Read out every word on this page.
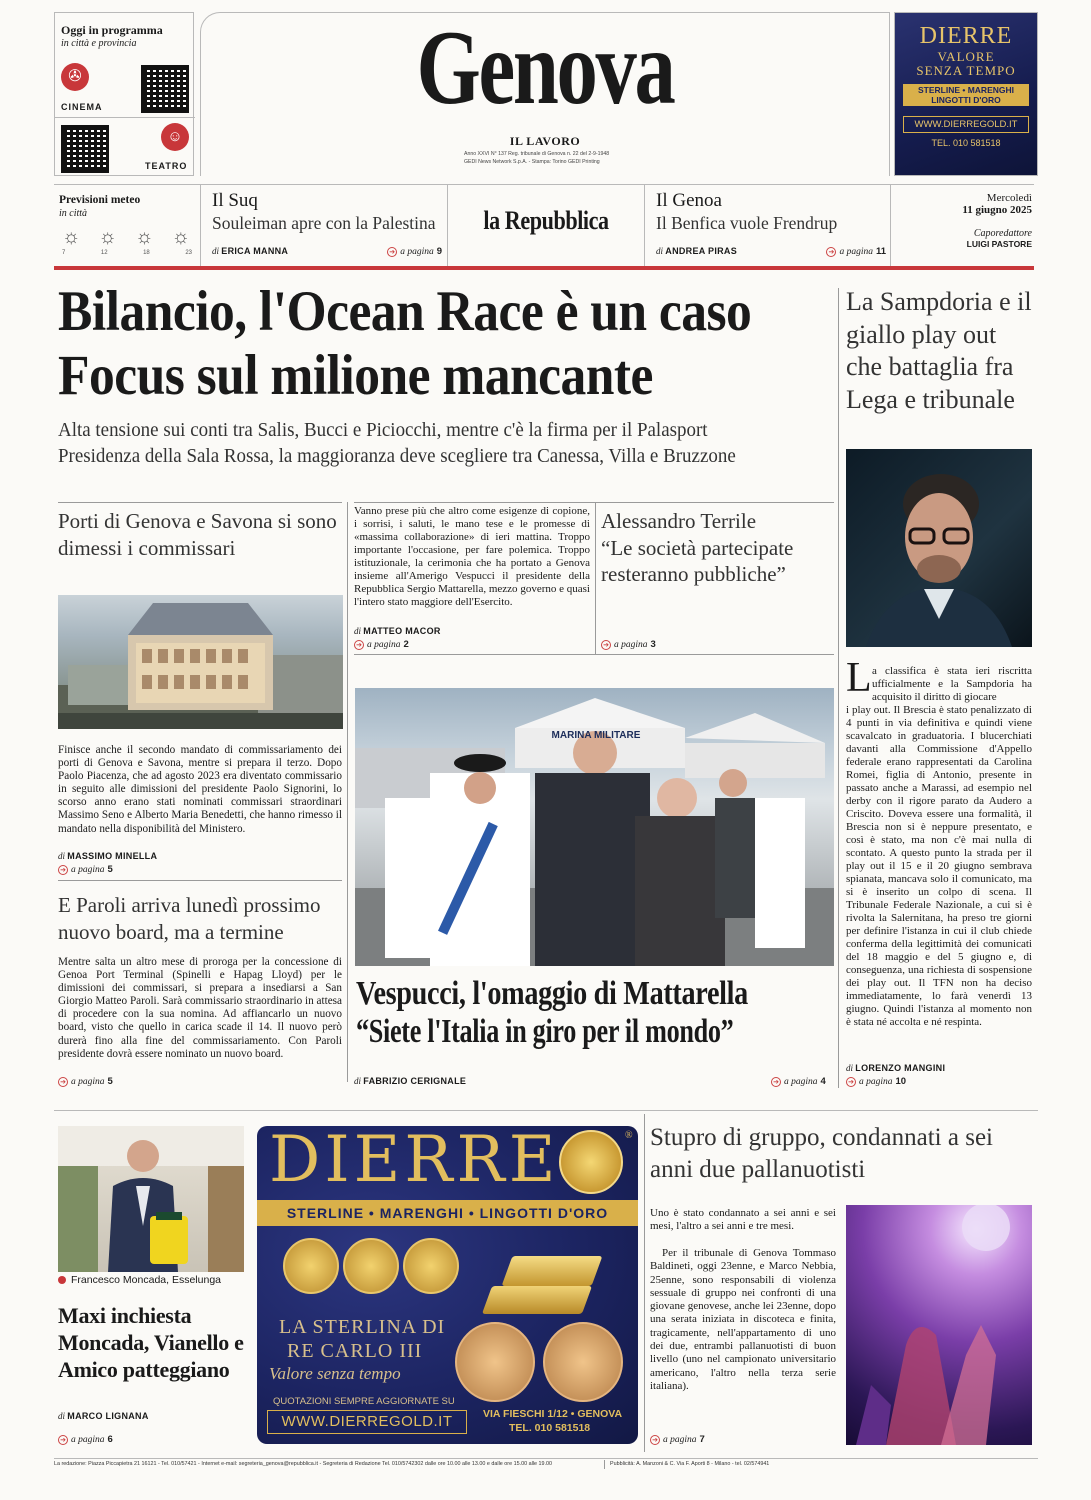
Oggi in programma
in città e provincia
✇
CINEMA
☺
TEATRO
Genova
IL LAVORO
Anno XXVI N° 137 Reg. tribunale di Genova n. 22 del 2-9-1948
GEDI News Network S.p.A. - Stampa: Torino GEDI Printing
DIERRE
VALORE
SENZA TEMPO
STERLINE • MARENGHI
LINGOTTI D'ORO
WWW.DIERREGOLD.IT
TEL. 010 581518
Previsioni meteo
in città
☼ ☼ ☼ ☼
7	12	18	23
Il Suq
Souleiman apre con la Palestina
di ERICA MANNA	➔ a pagina 9
la Repubblica
Il Genoa
Il Benfica vuole Frendrup
di ANDREA PIRAS	➔ a pagina 11
Mercoledì
11 giugno 2025
Caporedattore
LUIGI PASTORE
Bilancio, l'Ocean Race è un caso
Focus sul milione mancante
Alta tensione sui conti tra Salis, Bucci e Piciocchi, mentre c'è la firma per il Palasport
Presidenza della Sala Rossa, la maggioranza deve scegliere tra Canessa, Villa e Bruzzone
Porti di Genova e Savona si sono dimessi i commissari
Finisce anche il secondo mandato di commissariamento dei porti di Genova e Savona, mentre si prepara il terzo. Dopo Paolo Piacenza, che ad agosto 2023 era diventato commissario in seguito alle dimissioni del presidente Paolo Signorini, lo scorso anno erano stati nominati commissari straordinari Massimo Seno e Alberto Maria Benedetti, che hanno rimesso il mandato nella disponibilità del Ministero.
di MASSIMO MINELLA
➔ a pagina 5
E Paroli arriva lunedì prossimo nuovo board, ma a termine
Mentre salta un altro mese di proroga per la concessione di Genoa Port Terminal (Spinelli e Hapag Lloyd) per le dimissioni dei commissari, si prepara a insediarsi a San Giorgio Matteo Paroli. Sarà commissario straordinario in attesa di procedere con la sua nomina. Ad affiancarlo un nuovo board, visto che quello in carica scade il 14. Il nuovo però durerà fino alla fine del commissariamento. Con Paroli presidente dovrà essere nominato un nuovo board.
➔ a pagina 5
Vanno prese più che altro come esigenze di copione, i sorrisi, i saluti, le mano tese e le promesse di «massima collaborazione» di ieri mattina. Troppo importante l'occasione, per fare polemica. Troppo istituzionale, la cerimonia che ha portato a Genova insieme all'Amerigo Vespucci il presidente della Repubblica Sergio Mattarella, mezzo governo e quasi l'intero stato maggiore dell'Esercito.
di MATTEO MACOR
➔ a pagina 2
Alessandro Terrile
“Le società partecipate resteranno pubbliche”
➔ a pagina 3
MARINA MILITARE
Vespucci, l'omaggio di Mattarella
“Siete l'Italia in giro per il mondo”
di FABRIZIO CERIGNALE	➔ a pagina 4
La Sampdoria e il giallo play out che battaglia fra Lega e tribunale
L a classifica è stata ieri riscritta ufficialmente e la Sampdoria ha acquisito il diritto di giocare
i play out. Il Brescia è stato penalizzato di 4 punti in via definitiva e quindi viene scavalcato in graduatoria. I blucerchiati davanti alla Commissione d'Appello federale erano rappresentati da Carolina Romei, figlia di Antonio, presente in passato anche a Marassi, ad esempio nel derby con il rigore parato da Audero a Criscito. Doveva essere una formalità, il Brescia non si è neppure presentato, e così è stato, ma non c'è mai nulla di scontato. A questo punto la strada per il play out il 15 e il 20 giugno sembrava spianata, mancava solo il comunicato, ma si è inserito un colpo di scena. Il Tribunale Federale Nazionale, a cui si è rivolta la Salernitana, ha preso tre giorni per definire l'istanza in cui il club chiede conferma della legittimità dei comunicati del 18 maggio e del 5 giugno e, di conseguenza, una richiesta di sospensione dei play out. Il TFN non ha deciso immediatamente, lo farà venerdì 13 giugno. Quindi l'istanza al momento non è stata né accolta e né respinta.
di LORENZO MANGINI
➔ a pagina 10
Francesco Moncada, Esselunga
Maxi inchiesta Moncada, Vianello e Amico patteggiano
di MARCO LIGNANA
➔ a pagina 6
DIERRE	®
STERLINE • MARENGHI • LINGOTTI D'ORO
LA STERLINA DI
RE CARLO III
Valore senza tempo
QUOTAZIONI SEMPRE AGGIORNATE SU
WWW.DIERREGOLD.IT	VIA FIESCHI 1/12 • GENOVA
TEL. 010 581518
Stupro di gruppo, condannati a sei anni due pallanuotisti
Uno è stato condannato a sei anni e sei mesi, l'altro a sei anni e tre mesi.
Per il tribunale di Genova Tommaso Baldineti, oggi 23enne, e Marco Nebbia, 25enne, sono responsabili di violenza sessuale di gruppo nei confronti di una giovane genovese, anche lei 23enne, dopo una serata iniziata in discoteca e finita, tragicamente, nell'appartamento di uno dei due, entrambi pallanuotisti di buon livello (uno nel campionato universitario americano, l'altro nella terza serie italiana).
➔ a pagina 7
La redazione: Piazza Piccapietra 21 16121 - Tel. 010/57421 - Internet e-mail: segreteria_genova@repubblica.it - Segreteria di Redazione Tel. 010/5742302 dalle ore 10.00 alle 13.00 e dalle ore 15.00 alle 19.00	Pubblicità: A. Manzoni & C. Via F. Aporti 8 - Milano - tel. 02/574941
